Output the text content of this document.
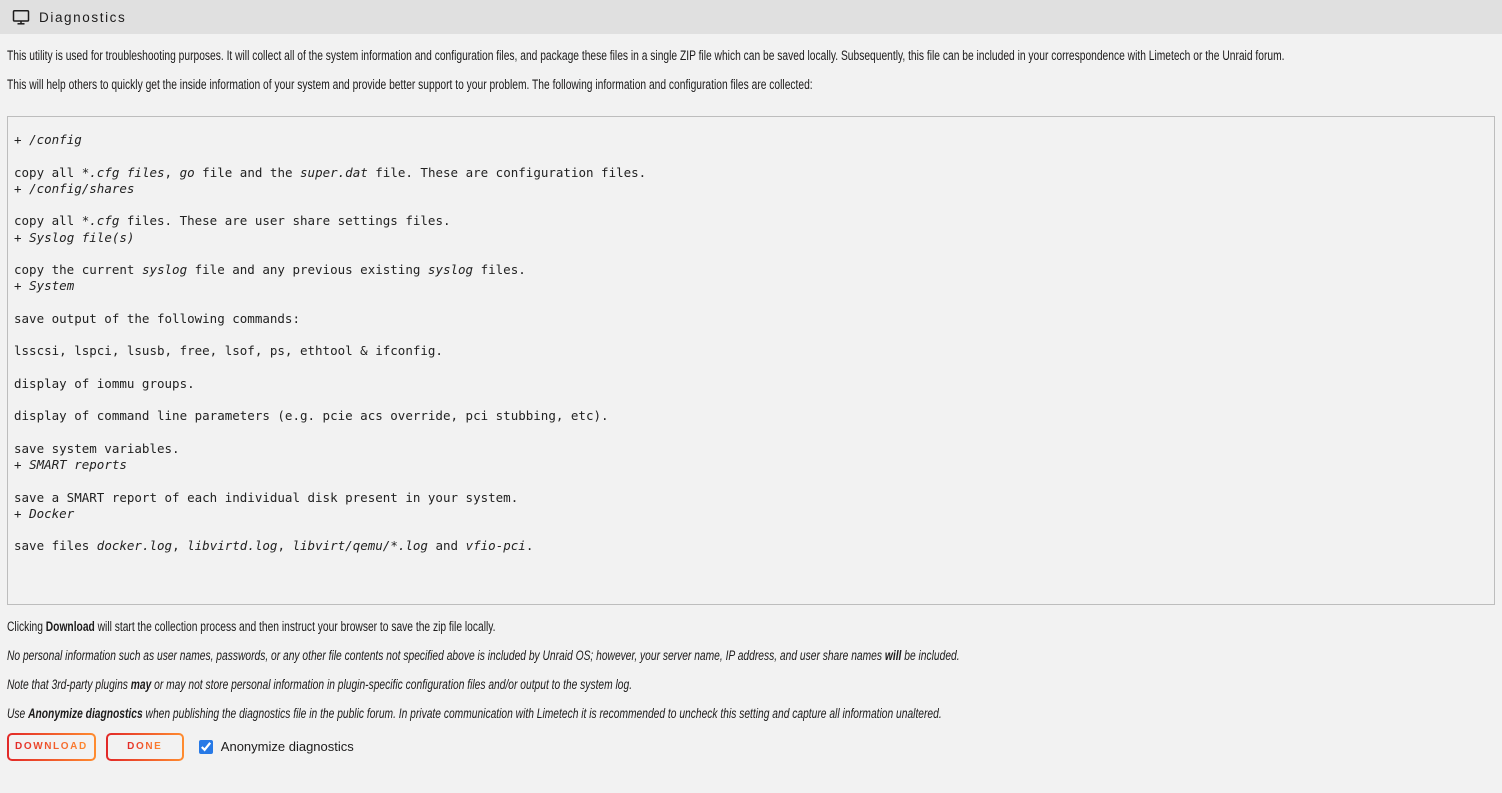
Diagnostics

This utility is used for troubleshooting purposes. It will collect all of the system information and configuration files, and package these files in a single ZIP file which can be saved locally. Subsequently, this file can be included in your correspondence with Limetech or the Unraid forum.

This will help others to quickly get the inside information of your system and provide better support to your problem. The following information and configuration files are collected:

+ /config

copy all *.cfg files, go file and the super.dat file. These are configuration files.
+ /config/shares

copy all *.cfg files. These are user share settings files.
+ Syslog file(s)

copy the current syslog file and any previous existing syslog files.
+ System

save output of the following commands:

lsscsi, lspci, lsusb, free, lsof, ps, ethtool & ifconfig.

display of iommu groups.

display of command line parameters (e.g. pcie acs override, pci stubbing, etc).

save system variables.
+ SMART reports

save a SMART report of each individual disk present in your system.
+ Docker

save files docker.log, libvirtd.log, libvirt/qemu/*.log and vfio-pci.

Clicking Download will start the collection process and then instruct your browser to save the zip file locally.

No personal information such as user names, passwords, or any other file contents not specified above is included by Unraid OS; however, your server name, IP address, and user share names will be included.

Note that 3rd-party plugins may or may not store personal information in plugin-specific configuration files and/or output to the system log.

Use Anonymize diagnostics when publishing the diagnostics file in the public forum. In private communication with Limetech it is recommended to uncheck this setting and capture all information unaltered.

DOWNLOAD	DONE	Anonymize diagnostics
